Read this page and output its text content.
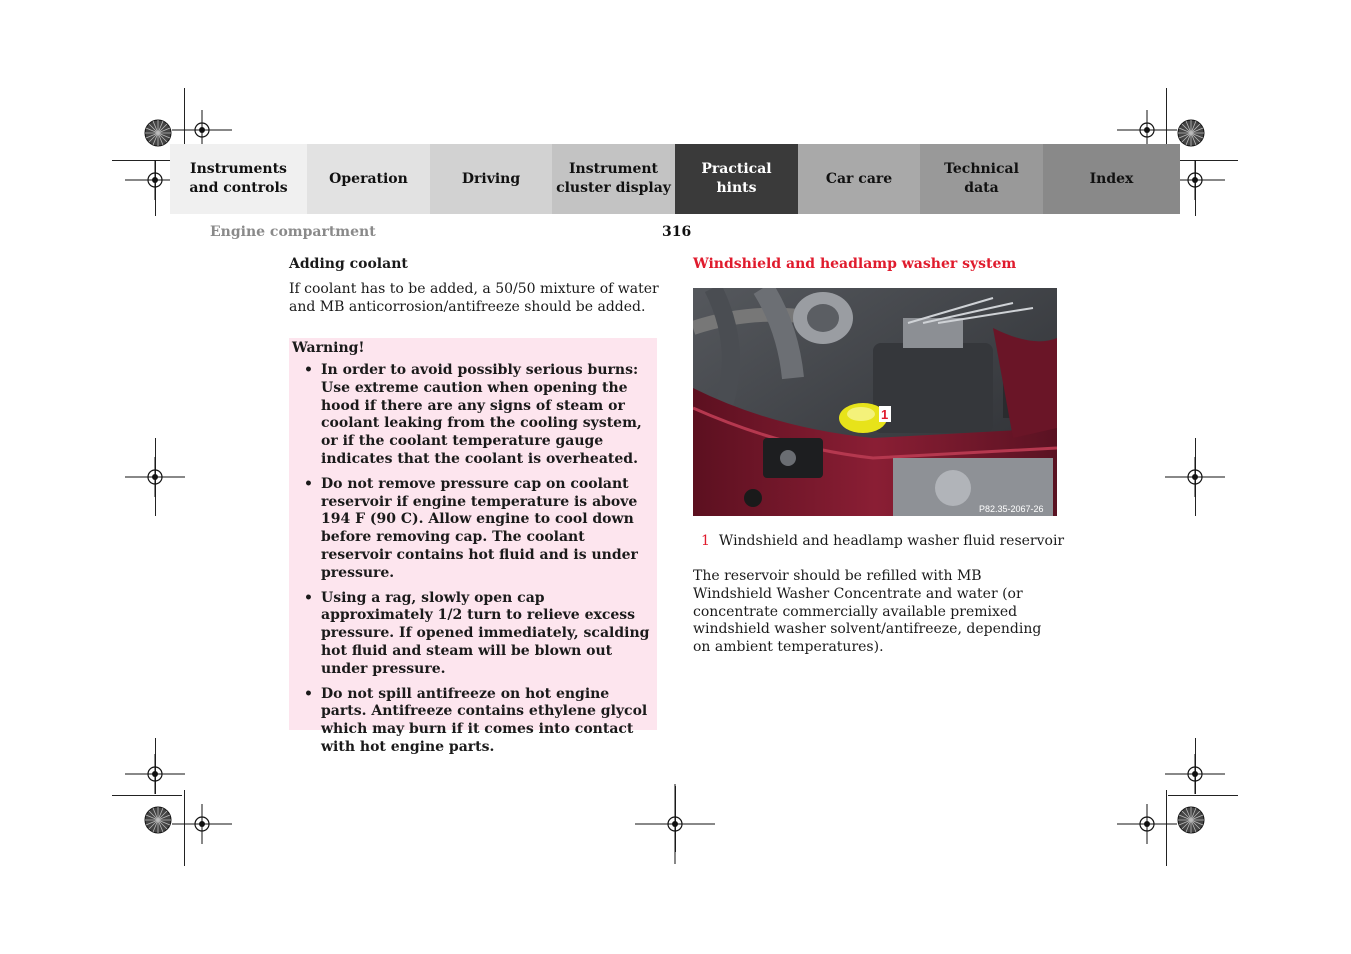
Instruments
and controls
Operation	Driving
Instrument
cluster display
Practical hints
Car care
Technical
data
Index
Engine compartment	316

Adding coolant

If coolant has to be added, a 50/50 mixture of water and MB anticorrosion/antifreeze should be added.

Warning!

• In order to avoid possibly serious burns:
Use extreme caution when opening the hood if there are any signs of steam or coolant leaking from the cooling system, or if the coolant temperature gauge indicates that the coolant is overheated.
• Do not remove pressure cap on coolant reservoir if engine temperature is above 194 F (90 C). Allow engine to cool down before removing cap. The coolant reservoir contains hot fluid and is under pressure.
• Using a rag, slowly open cap approximately 1/2 turn to relieve excess pressure. If opened immediately, scalding hot fluid and steam will be blown out under pressure.
• Do not spill antifreeze on hot engine parts. Antifreeze contains ethylene glycol which may burn if it comes into contact with hot engine parts.

Windshield and headlamp washer system

1
P82.35-2067-26
1 Windshield and headlamp washer fluid reservoir

The reservoir should be refilled with MB Windshield Washer Concentrate and water (or concentrate commercially available premixed windshield washer solvent/antifreeze, depending on ambient temperatures).
